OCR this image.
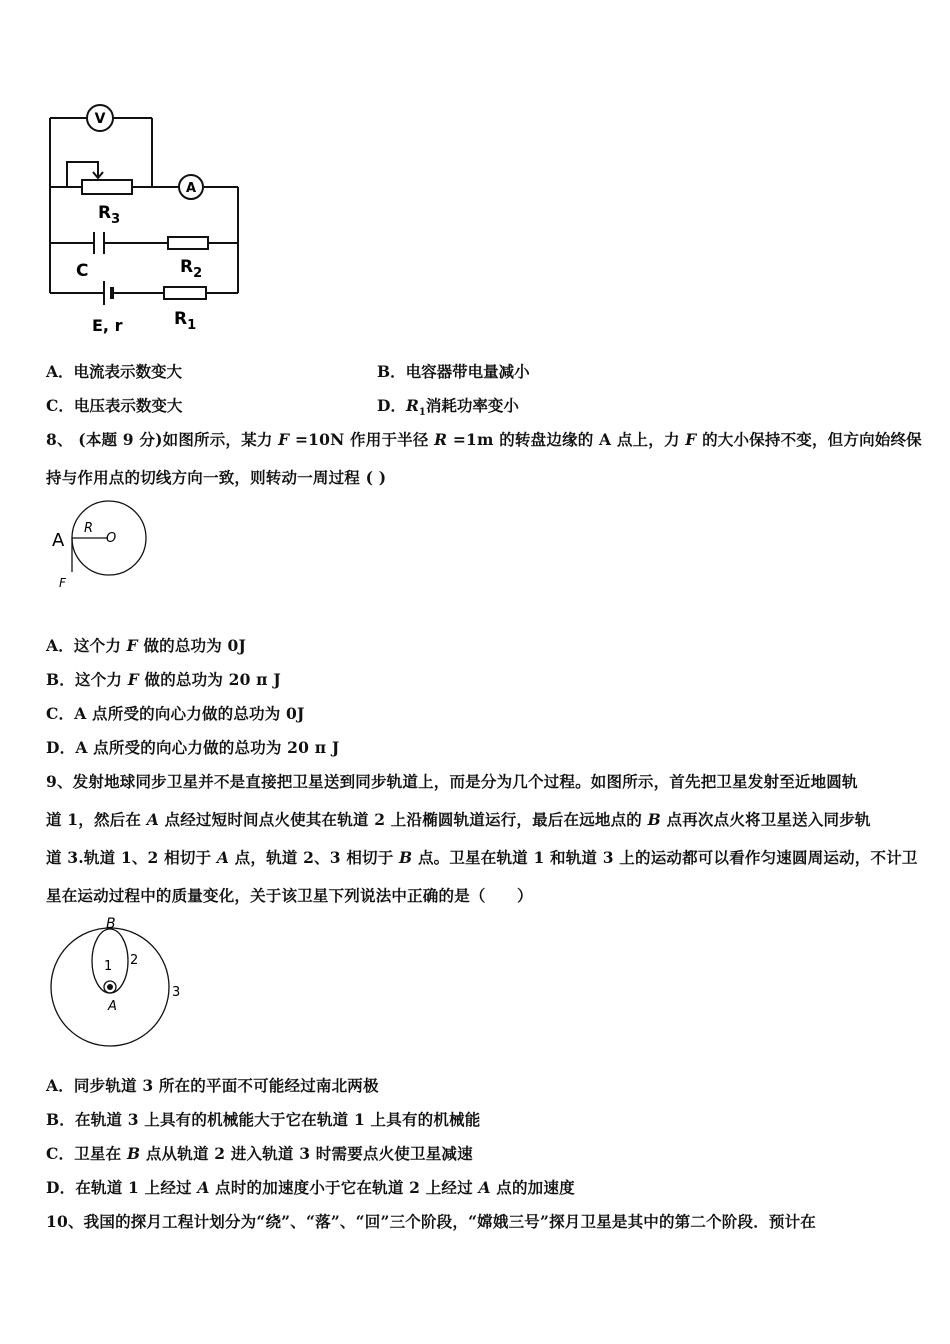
V
A
$R_3$
C	$R_2$
E, r	$R_1$
A．电流表示数变大	B．电容器带电量减小
C．电压表示数变大	D．$R_1$消耗功率变小
8、 (本题 9 分)如图所示，某力 F =10N 作用于半径 R =1m 的转盘边缘的 A 点上，力 F 的大小保持不变，但方向始终保
持与作用点的切线方向一致，则转动一周过程 ( )
A
R
O
F
A．这个力 F 做的总功为 0J
B．这个力 F 做的总功为 20 π J
C．A 点所受的向心力做的总功为 0J
D．A 点所受的向心力做的总功为 20 π J
9、发射地球同步卫星并不是直接把卫星送到同步轨道上，而是分为几个过程。如图所示，首先把卫星发射至近地圆轨
道 1，然后在 A 点经过短时间点火使其在轨道 2 上沿椭圆轨道运行，最后在远地点的 B 点再次点火将卫星送入同步轨
道 3.轨道 1、2 相切于 A 点，轨道 2、3 相切于 B 点。卫星在轨道 1 和轨道 3 上的运动都可以看作匀速圆周运动，不计卫
星在运动过程中的质量变化，关于该卫星下列说法中正确的是（　　）
B
1 2
3
A
A．同步轨道 3 所在的平面不可能经过南北两极
B．在轨道 3 上具有的机械能大于它在轨道 1 上具有的机械能
C．卫星在 B 点从轨道 2 进入轨道 3 时需要点火使卫星减速
D．在轨道 1 上经过 A 点时的加速度小于它在轨道 2 上经过 A 点的加速度
10、我国的探月工程计划分为“绕”、“落”、“回”三个阶段，“嫦娥三号”探月卫星是其中的第二个阶段．预计在
